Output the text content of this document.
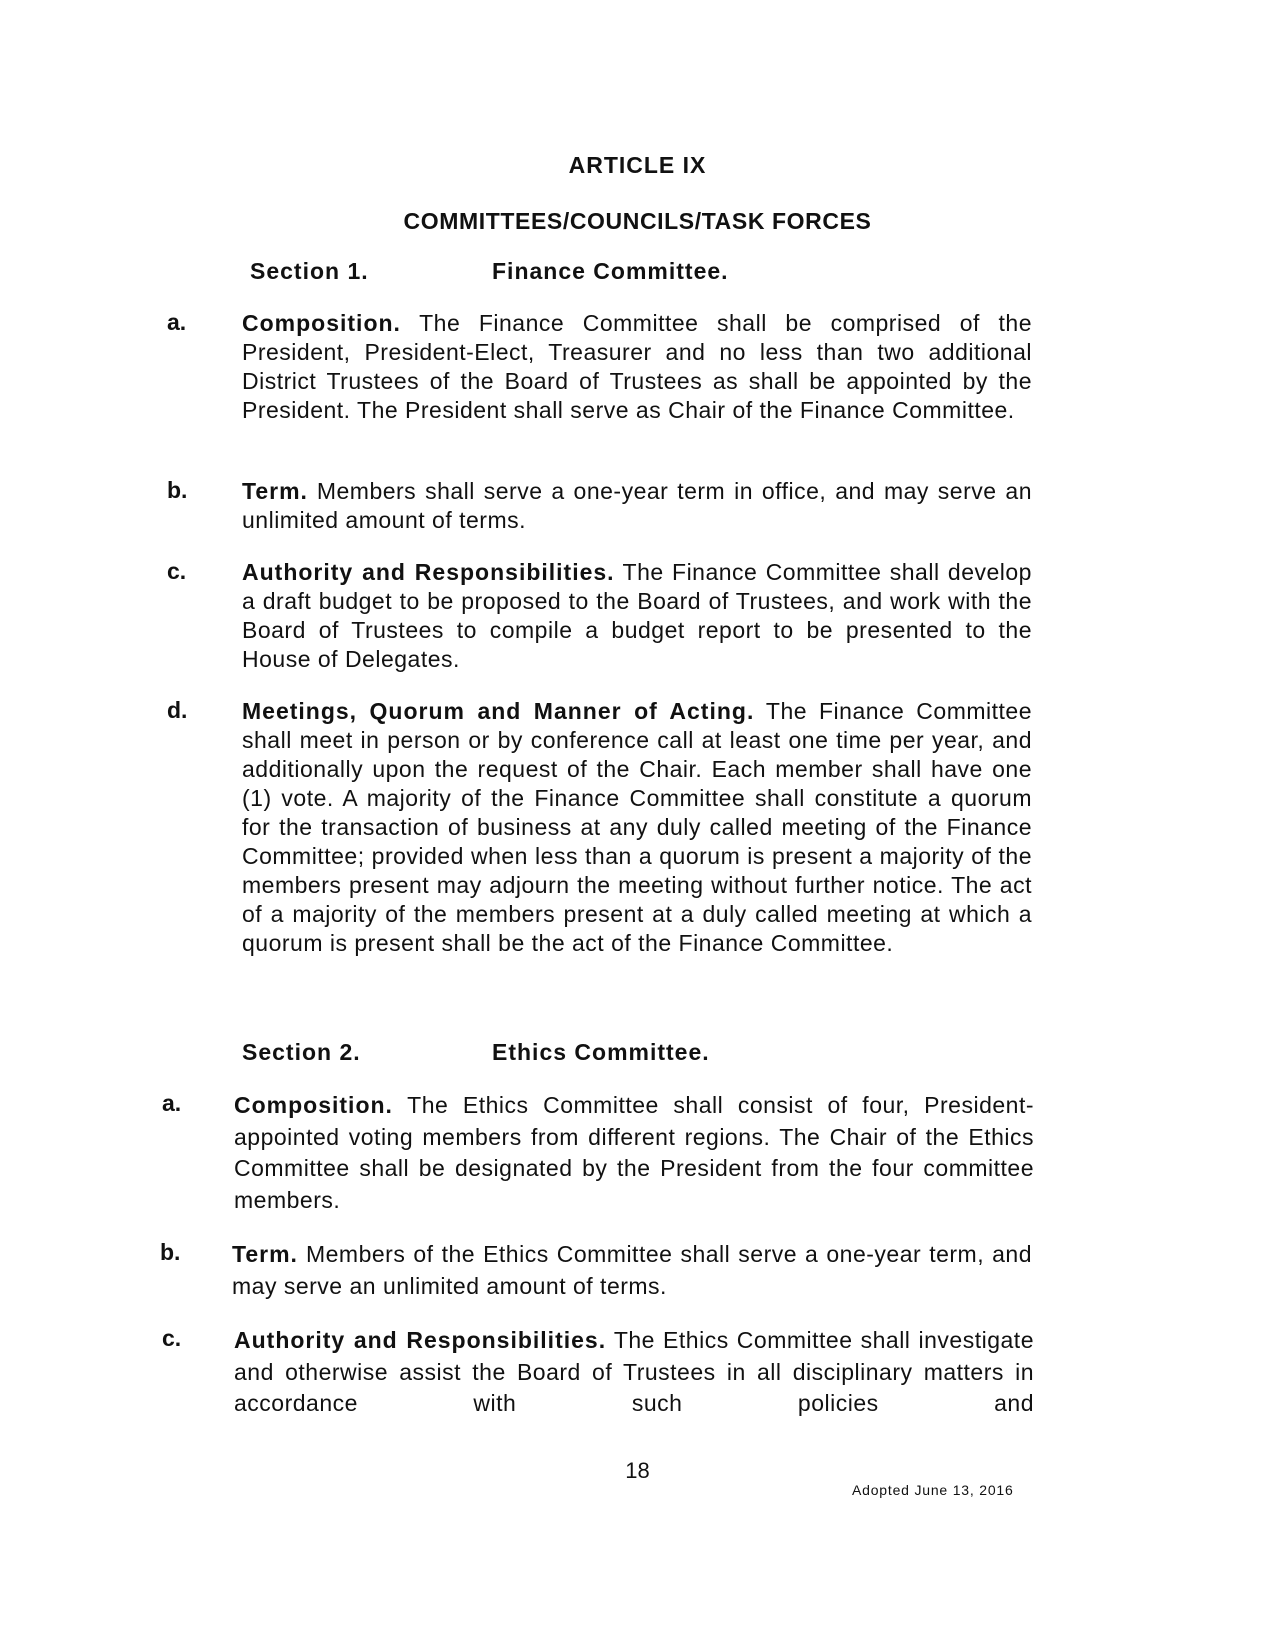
ARTICLE IX
COMMITTEES/COUNCILS/TASK FORCES
Section 1.	Finance Committee.
a. Composition. The Finance Committee shall be comprised of the President, President-Elect, Treasurer and no less than two additional District Trustees of the Board of Trustees as shall be appointed by the President. The President shall serve as Chair of the Finance Committee.
b. Term. Members shall serve a one-year term in office, and may serve an unlimited amount of terms.
c. Authority and Responsibilities. The Finance Committee shall develop a draft budget to be proposed to the Board of Trustees, and work with the Board of Trustees to compile a budget report to be presented to the House of Delegates.
d. Meetings, Quorum and Manner of Acting. The Finance Committee shall meet in person or by conference call at least one time per year, and additionally upon the request of the Chair. Each member shall have one (1) vote. A majority of the Finance Committee shall constitute a quorum for the transaction of business at any duly called meeting of the Finance Committee; provided when less than a quorum is present a majority of the members present may adjourn the meeting without further notice. The act of a majority of the members present at a duly called meeting at which a quorum is present shall be the act of the Finance Committee.
Section 2.	Ethics Committee.
a. Composition. The Ethics Committee shall consist of four, President-appointed voting members from different regions. The Chair of the Ethics Committee shall be designated by the President from the four committee members.
b. Term. Members of the Ethics Committee shall serve a one-year term, and may serve an unlimited amount of terms.
c. Authority and Responsibilities. The Ethics Committee shall investigate and otherwise assist the Board of Trustees in all disciplinary matters in accordance with such policies and
18
Adopted June 13, 2016
